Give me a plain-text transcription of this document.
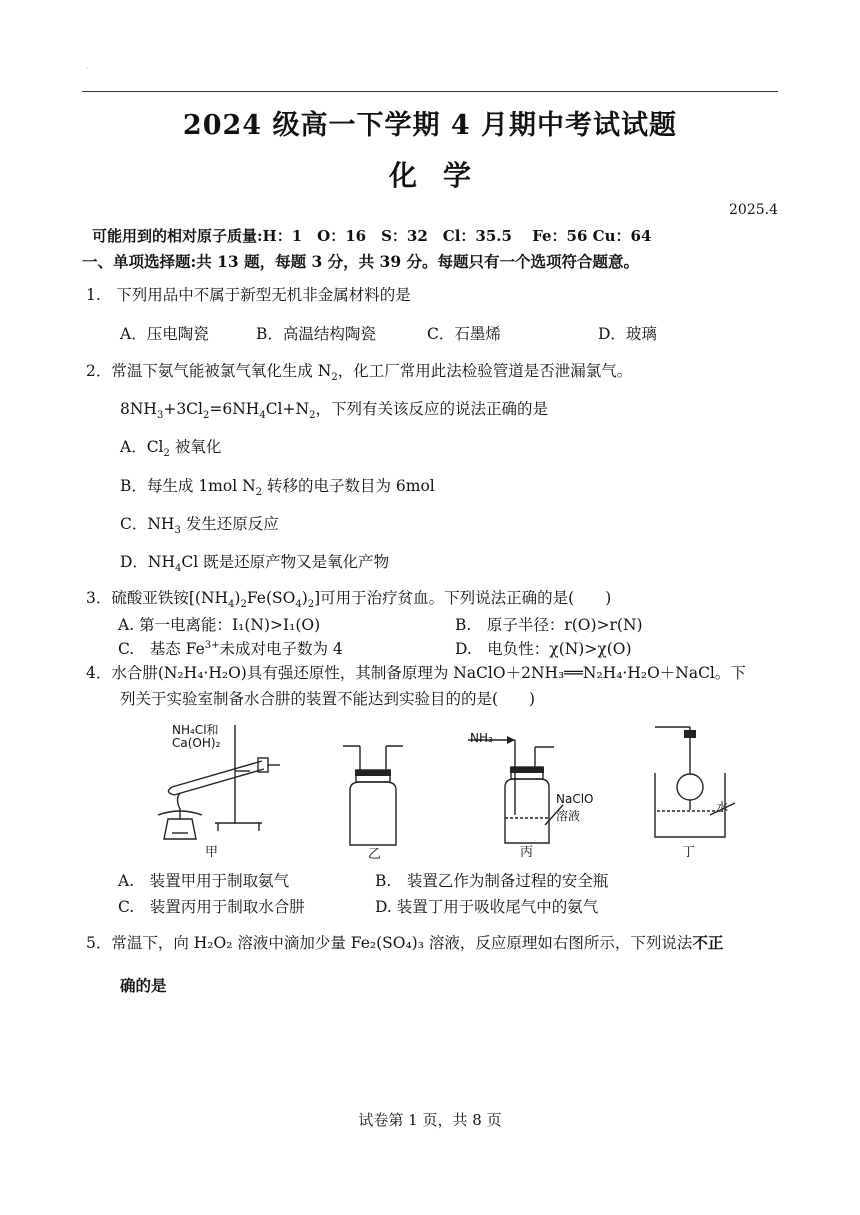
·
2024 级高一下学期 4 月期中考试试题
化学
2025.4
可能用到的相对原子质量:H：1　O：16　S：32　Cl：35.5　 Fe：56 Cu：64
一、单项选择题:共 13 题，每题 3 分，共 39 分。每题只有一个选项符合题意。
1.　下列用品中不属于新型无机非金属材料的是
A．压电陶瓷	B．高温结构陶瓷	C．石墨烯	D．玻璃
2．常温下氨气能被氯气氧化生成 $N_2$，化工厂常用此法检验管道是否泄漏氯气。
$8NH_3+3Cl_2=6NH_4Cl+N_2$，下列有关该反应的说法正确的是
A．$Cl_2$ 被氧化
B．每生成 1mol $N_2$ 转移的电子数目为 6mol
C．$NH_3$ 发生还原反应
D．$NH_4Cl$ 既是还原产物又是氧化产物
3．硫酸亚铁铵$[(NH_4)_2Fe(SO_4)_2]$可用于治疗贫血。下列说法正确的是(　　)
A. 第一电离能：I₁(N)>I₁(O)	B.　原子半径：r(O)>r(N)
C.　基态 $Fe^{3+}$未成对电子数为 4	D.　电负性：χ(N)>χ(O)
4．水合肼(N₂H₄·H₂O)具有强还原性，其制备原理为 NaClO＋2NH₃══N₂H₄·H₂O＋NaCl。下
列关于实验室制备水合肼的装置不能达到实验目的的是(　　)
NH₄Cl和
Ca(OH)₂	NH₃
NaClO
溶液
水
甲	乙	丙	丁
A.　装置甲用于制取氨气	B.　装置乙作为制备过程的安全瓶
C.　装置丙用于制取水合肼	D. 装置丁用于吸收尾气中的氨气
5．常温下，向 H₂O₂ 溶液中滴加少量 Fe₂(SO₄)₃ 溶液，反应原理如右图所示，下列说法不正
确的是
试卷第 1 页，共 8 页
